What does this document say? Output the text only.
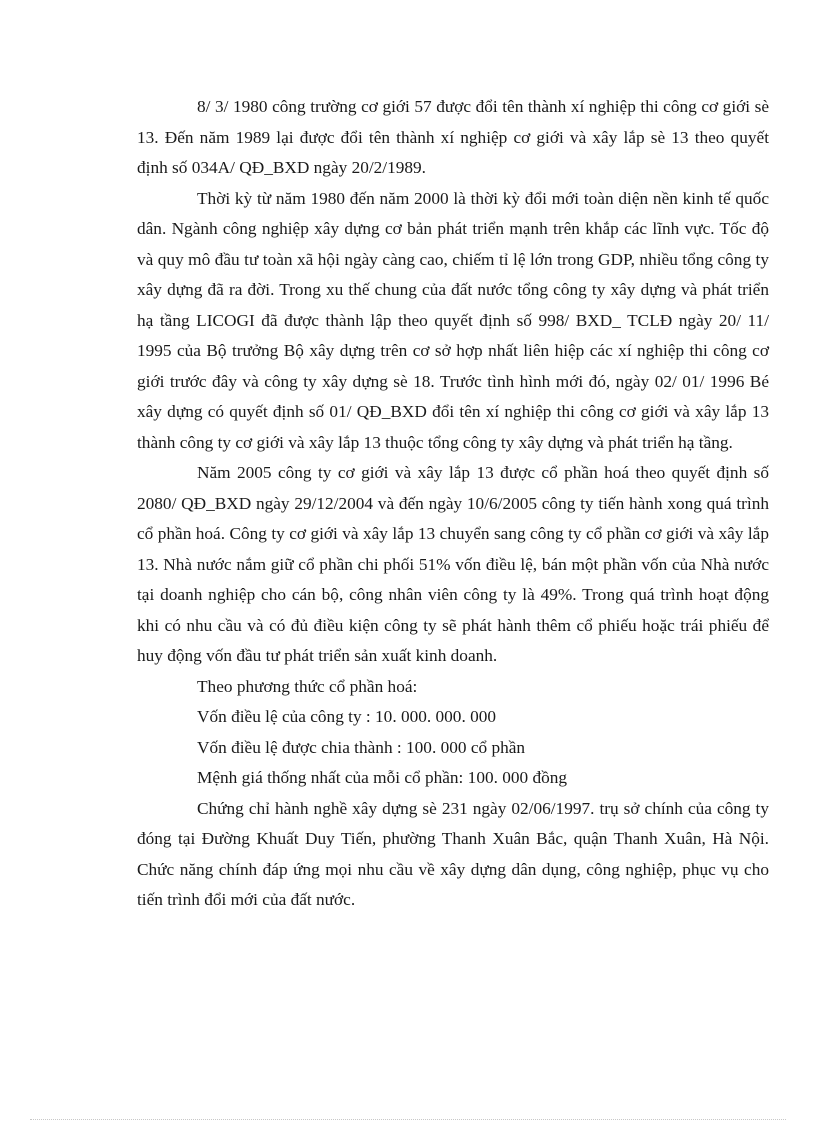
8/ 3/ 1980 công trường cơ giới 57 được đổi tên thành xí nghiệp thi công cơ giới sè 13. Đến năm 1989 lại được đổi tên thành xí nghiệp cơ giới và xây lắp sè 13 theo quyết định số 034A/ QĐ_BXD ngày 20/2/1989.

Thời kỳ từ năm 1980 đến năm 2000 là thời kỳ đổi mới toàn diện nền kinh tế quốc dân. Ngành công nghiệp xây dựng cơ bản phát triển mạnh trên khắp các lĩnh vực. Tốc độ và quy mô đầu tư toàn xã hội ngày càng cao, chiếm tỉ lệ lớn trong GDP, nhiều tổng công ty xây dựng đã ra đời. Trong xu thế chung của đất nước tổng công ty xây dựng và phát triển hạ tầng LICOGI đã được thành lập theo quyết định số 998/ BXD_ TCLĐ ngày 20/ 11/ 1995 của Bộ trưởng Bộ xây dựng trên cơ sở hợp nhất liên hiệp các xí nghiệp thi công cơ giới trước đây và công ty xây dựng sè 18. Trước tình hình mới đó, ngày 02/ 01/ 1996 Bé xây dựng có quyết định số 01/ QĐ_BXD đổi tên xí nghiệp thi công cơ giới và xây lắp 13 thành công ty cơ giới và xây lắp 13 thuộc tổng công ty xây dựng và phát triển hạ tầng.

Năm 2005 công ty cơ giới và xây lắp 13 được cổ phần hoá theo quyết định số 2080/ QĐ_BXD ngày 29/12/2004 và đến ngày 10/6/2005 công ty tiến hành xong quá trình cổ phần hoá. Công ty cơ giới và xây lắp 13 chuyển sang công ty cổ phần cơ giới và xây lắp 13. Nhà nước nắm giữ cổ phần chi phối 51% vốn điều lệ, bán một phần vốn của Nhà nước tại doanh nghiệp cho cán bộ, công nhân viên công ty là 49%. Trong quá trình hoạt động khi có nhu cầu và có đủ điều kiện công ty sẽ phát hành thêm cổ phiếu hoặc trái phiếu để huy động vốn đầu tư phát triển sản xuất kinh doanh.

Theo phương thức cổ phần hoá:

Vốn điều lệ của công ty : 10. 000. 000. 000

Vốn điều lệ được chia thành : 100. 000 cổ phần

Mệnh giá thống nhất của mỗi cổ phần: 100. 000 đồng

Chứng chỉ hành nghề xây dựng sè 231 ngày 02/06/1997. trụ sở chính của công ty đóng tại Đường Khuất Duy Tiến, phường Thanh Xuân Bắc, quận Thanh Xuân, Hà Nội. Chức năng chính đáp ứng mọi nhu cầu về xây dựng dân dụng, công nghiệp, phục vụ cho tiến trình đổi mới của đất nước.
